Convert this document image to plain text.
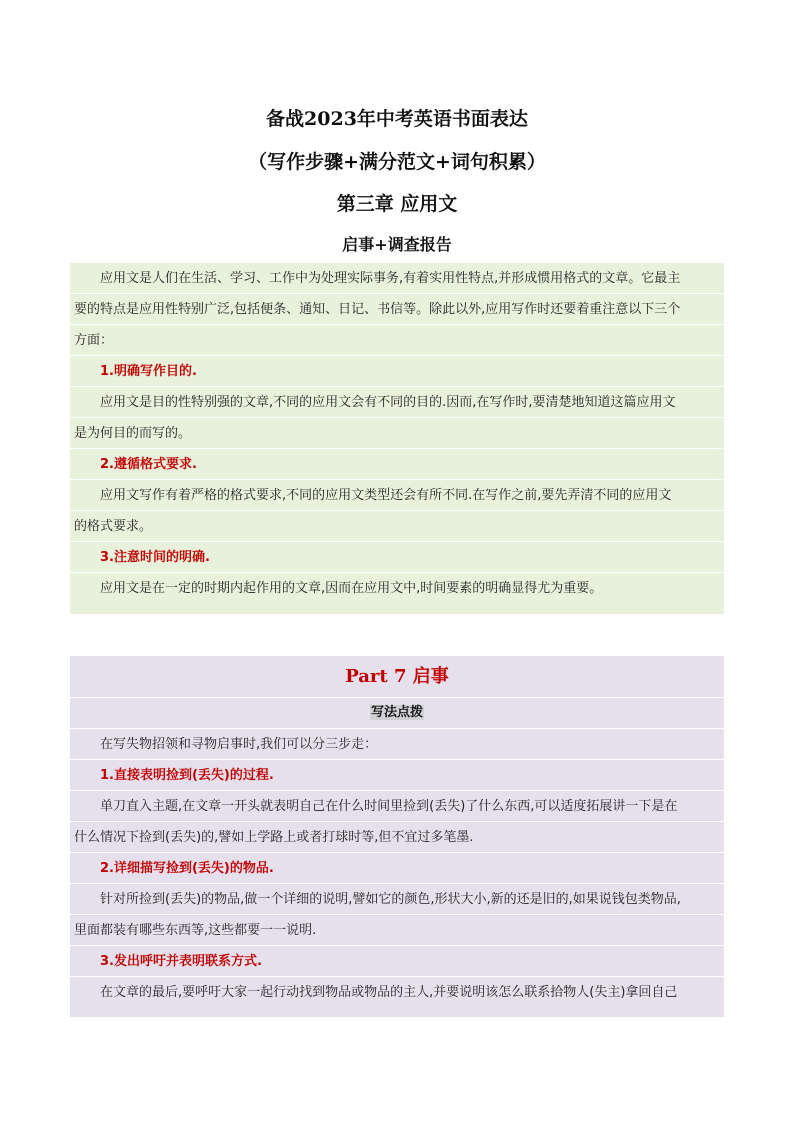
备战2023年中考英语书面表达
（写作步骤+满分范文+词句积累）
第三章 应用文
启事+调查报告
应用文是人们在生活、学习、工作中为处理实际事务,有着实用性特点,并形成惯用格式的文章。它最主
要的特点是应用性特别广泛,包括便条、通知、日记、书信等。除此以外,应用写作时还要着重注意以下三个
方面：
1.明确写作目的.
应用文是目的性特别强的文章,不同的应用文会有不同的目的.因而,在写作时,要清楚地知道这篇应用文
是为何目的而写的。
2.遵循格式要求.
应用文写作有着严格的格式要求,不同的应用文类型还会有所不同.在写作之前,要先弄清不同的应用文
的格式要求。
3.注意时间的明确.
应用文是在一定的时期内起作用的文章,因而在应用文中,时间要素的明确显得尤为重要。
Part 7 启事
写法点拨
在写失物招领和寻物启事时,我们可以分三步走：
1.直接表明捡到(丢失)的过程.
单刀直入主题,在文章一开头就表明自己在什么时间里捡到(丢失)了什么东西,可以适度拓展讲一下是在
什么情况下捡到(丢失)的,譬如上学路上或者打球时等,但不宜过多笔墨.
2.详细描写捡到(丢失)的物品.
针对所捡到(丢失)的物品,做一个详细的说明,譬如它的颜色,形状大小,新的还是旧的,如果说钱包类物品,
里面都装有哪些东西等,这些都要一一说明.
3.发出呼吁并表明联系方式.
在文章的最后,要呼吁大家一起行动找到物品或物品的主人,并要说明该怎么联系拾物人(失主)拿回自己
